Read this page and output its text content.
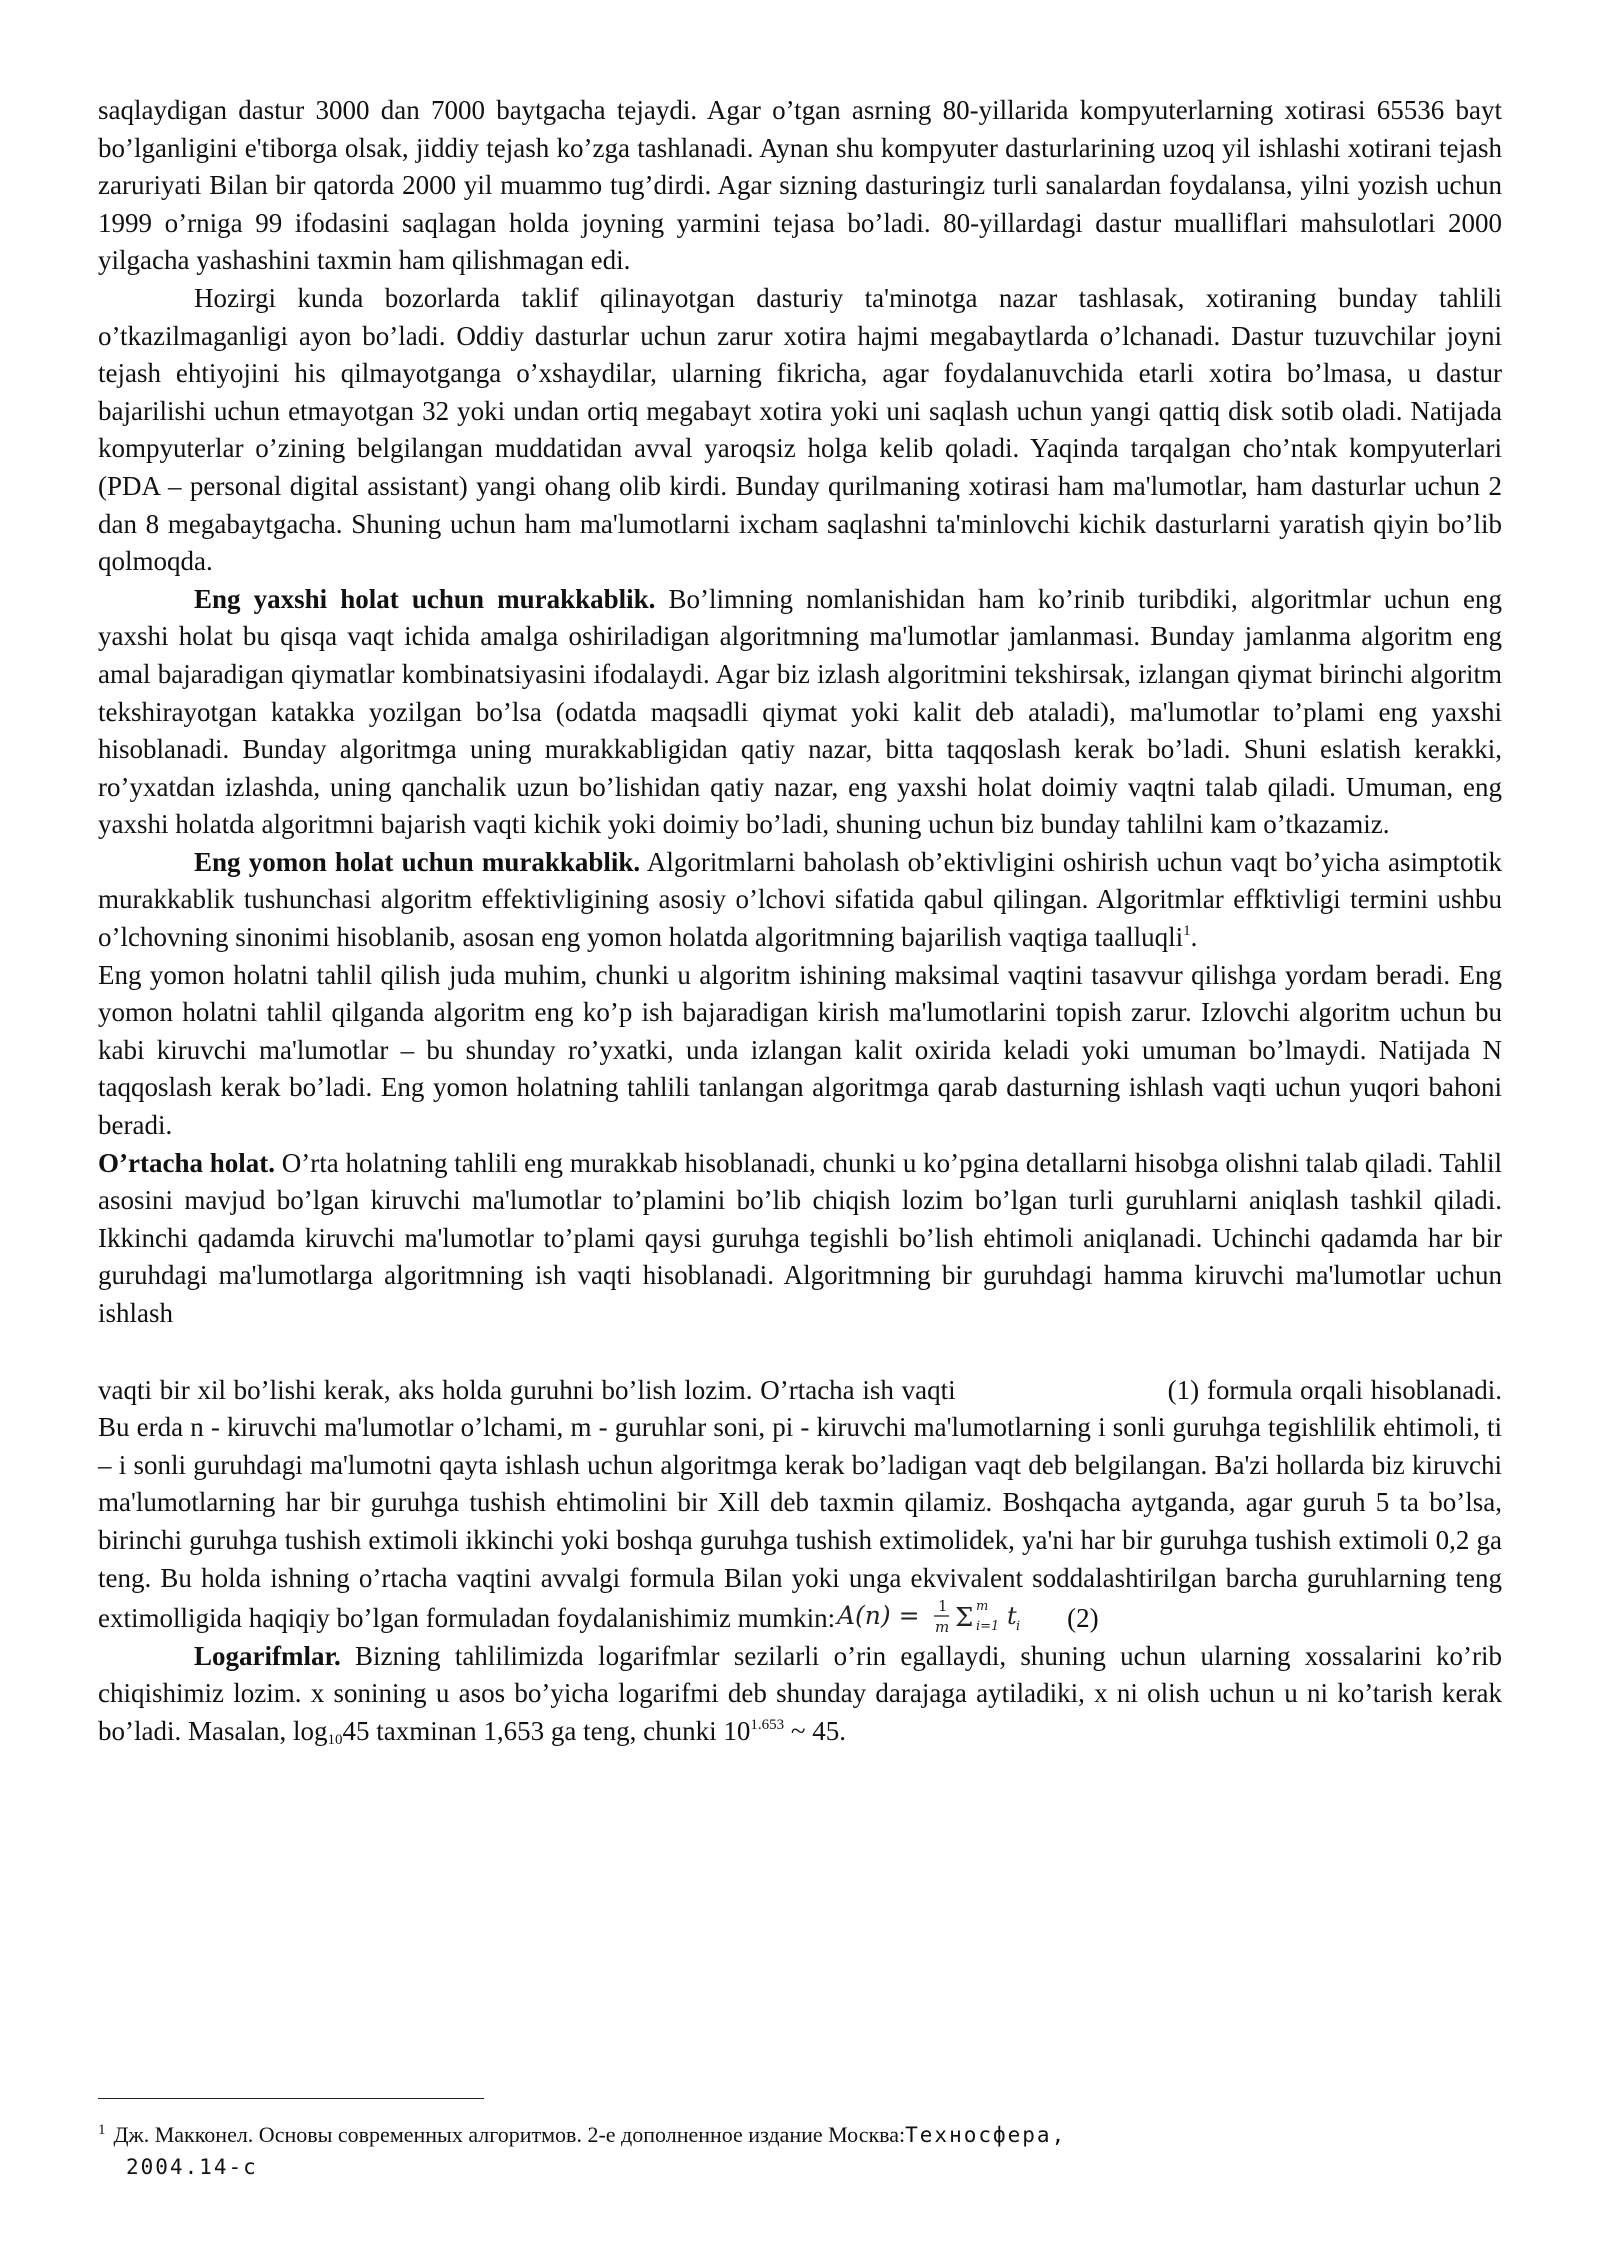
saqlaydigan dastur 3000 dan 7000 baytgacha tejaydi. Agar o’tgan asrning 80-yillarida kompyuterlarning xotirasi 65536 bayt bo’lganligini e'tiborga olsak, jiddiy tejash ko’zga tashlanadi. Aynan shu kompyuter dasturlarining uzoq yil ishlashi xotirani tejash zaruriyati Bilan bir qatorda 2000 yil muammo tug’dirdi. Agar sizning dasturingiz turli sanalardan foydalansa, yilni yozish uchun 1999 o’rniga 99 ifodasini saqlagan holda joyning yarmini tejasa bo’ladi. 80-yillardagi dastur mualliflari mahsulotlari 2000 yilgacha yashashini taxmin ham qilishmagan edi.

Hozirgi kunda bozorlarda taklif qilinayotgan dasturiy ta'minotga nazar tashlasak, xotiraning bunday tahlili o’tkazilmaganligi ayon bo’ladi. Oddiy dasturlar uchun zarur xotira hajmi megabaytlarda o’lchanadi. Dastur tuzuvchilar joyni tejash ehtiyojini his qilmayotganga o’xshaydilar, ularning fikricha, agar foydalanuvchida etarli xotira bo’lmasa, u dastur bajarilishi uchun etmayotgan 32 yoki undan ortiq megabayt xotira yoki uni saqlash uchun yangi qattiq disk sotib oladi. Natijada kompyuterlar o’zining belgilangan muddatidan avval yaroqsiz holga kelib qoladi. Yaqinda tarqalgan cho’ntak kompyuterlari (PDA – personal digital assistant) yangi ohang olib kirdi. Bunday qurilmaning xotirasi ham ma'lumotlar, ham dasturlar uchun 2 dan 8 megabaytgacha. Shuning uchun ham ma'lumotlarni ixcham saqlashni ta'minlovchi kichik dasturlarni yaratish qiyin bo’lib qolmoqda.

Eng yaxshi holat uchun murakkablik. Bo’limning nomlanishidan ham ko’rinib turibdiki, algoritmlar uchun eng yaxshi holat bu qisqa vaqt ichida amalga oshiriladigan algoritmning ma'lumotlar jamlanmasi. Bunday jamlanma algoritm eng amal bajaradigan qiymatlar kombinatsiyasini ifodalaydi. Agar biz izlash algoritmini tekshirsak, izlangan qiymat birinchi algoritm tekshirayotgan katakka yozilgan bo’lsa (odatda maqsadli qiymat yoki kalit deb ataladi), ma'lumotlar to’plami eng yaxshi hisoblanadi. Bunday algoritmga uning murakkabligidan qatiy nazar, bitta taqqoslash kerak bo’ladi. Shuni eslatish kerakki, ro’yxatdan izlashda, uning qanchalik uzun bo’lishidan qatiy nazar, eng yaxshi holat doimiy vaqtni talab qiladi. Umuman, eng yaxshi holatda algoritmni bajarish vaqti kichik yoki doimiy bo’ladi, shuning uchun biz bunday tahlilni kam o’tkazamiz.

Eng yomon holat uchun murakkablik. Algoritmlarni baholash ob’ektivligini oshirish uchun vaqt bo’yicha asimptotik murakkablik tushunchasi algoritm effektivligining asosiy o’lchovi sifatida qabul qilingan. Algoritmlar effktivligi termini ushbu o’lchovning sinonimi hisoblanib, asosan eng yomon holatda algoritmning bajarilish vaqtiga taalluqli$^1$.

Eng yomon holatni tahlil qilish juda muhim, chunki u algoritm ishining maksimal vaqtini tasavvur qilishga yordam beradi. Eng yomon holatni tahlil qilganda algoritm eng ko’p ish bajaradigan kirish ma'lumotlarini topish zarur. Izlovchi algoritm uchun bu kabi kiruvchi ma'lumotlar – bu shunday ro’yxatki, unda izlangan kalit oxirida keladi yoki umuman bo’lmaydi. Natijada N taqqoslash kerak bo’ladi. Eng yomon holatning tahlili tanlangan algoritmga qarab dasturning ishlash vaqti uchun yuqori bahoni beradi.

O’rtacha holat. O’rta holatning tahlili eng murakkab hisoblanadi, chunki u ko’pgina detallarni hisobga olishni talab qiladi. Tahlil asosini mavjud bo’lgan kiruvchi ma'lumotlar to’plamini bo’lib chiqish lozim bo’lgan turli guruhlarni aniqlash tashkil qiladi. Ikkinchi qadamda kiruvchi ma'lumotlar to’plami qaysi guruhga tegishli bo’lish ehtimoli aniqlanadi. Uchinchi qadamda har bir guruhdagi ma'lumotlarga algoritmning ish vaqti hisoblanadi. Algoritmning bir guruhdagi hamma kiruvchi ma'lumotlar uchun ishlash

vaqti bir xil bo’lishi kerak, aks holda guruhni bo’lish lozim. O’rtacha ish vaqti	(1) formula orqali hisoblanadi. Bu erda n - kiruvchi ma'lumotlar o’lchami, m - guruhlar soni, pi - kiruvchi ma'lumotlarning i sonli guruhga tegishlilik ehtimoli, ti – i sonli guruhdagi ma'lumotni qayta ishlash uchun algoritmga kerak bo’ladigan vaqt deb belgilangan. Ba'zi hollarda biz kiruvchi ma'lumotlarning har bir guruhga tushish ehtimolini bir Xill deb taxmin qilamiz. Boshqacha aytganda, agar guruh 5 ta bo’lsa, birinchi guruhga tushish extimoli ikkinchi yoki boshqa guruhga tushish extimolidek, ya'ni har bir guruhga tushish extimoli 0,2 ga teng. Bu holda ishning o’rtacha vaqtini avvalgi formula Bilan yoki unga ekvivalent soddalashtirilgan barcha guruhlarning teng extimolligida haqiqiy bo’lgan formuladan foydalanishimiz mumkin: A(n) = 1
m Σ m
i=1 t i (2)

Logarifmlar. Bizning tahlilimizda logarifmlar sezilarli o’rin egallaydi, shuning uchun ularning xossalarini ko’rib chiqishimiz lozim. x sonining u asos bo’yicha logarifmi deb shunday darajaga aytiladiki, x ni olish uchun u ni ko’tarish kerak bo’ladi. Masalan, $\log_{10}45$ taxminan 1,653 ga teng, chunki $10^{1.653}$ ~ 45.

$^1$ Дж. Макконел. Основы современных алгоритмов. 2-е дополненное издание Москва:Техносфера,
2004.14-с
